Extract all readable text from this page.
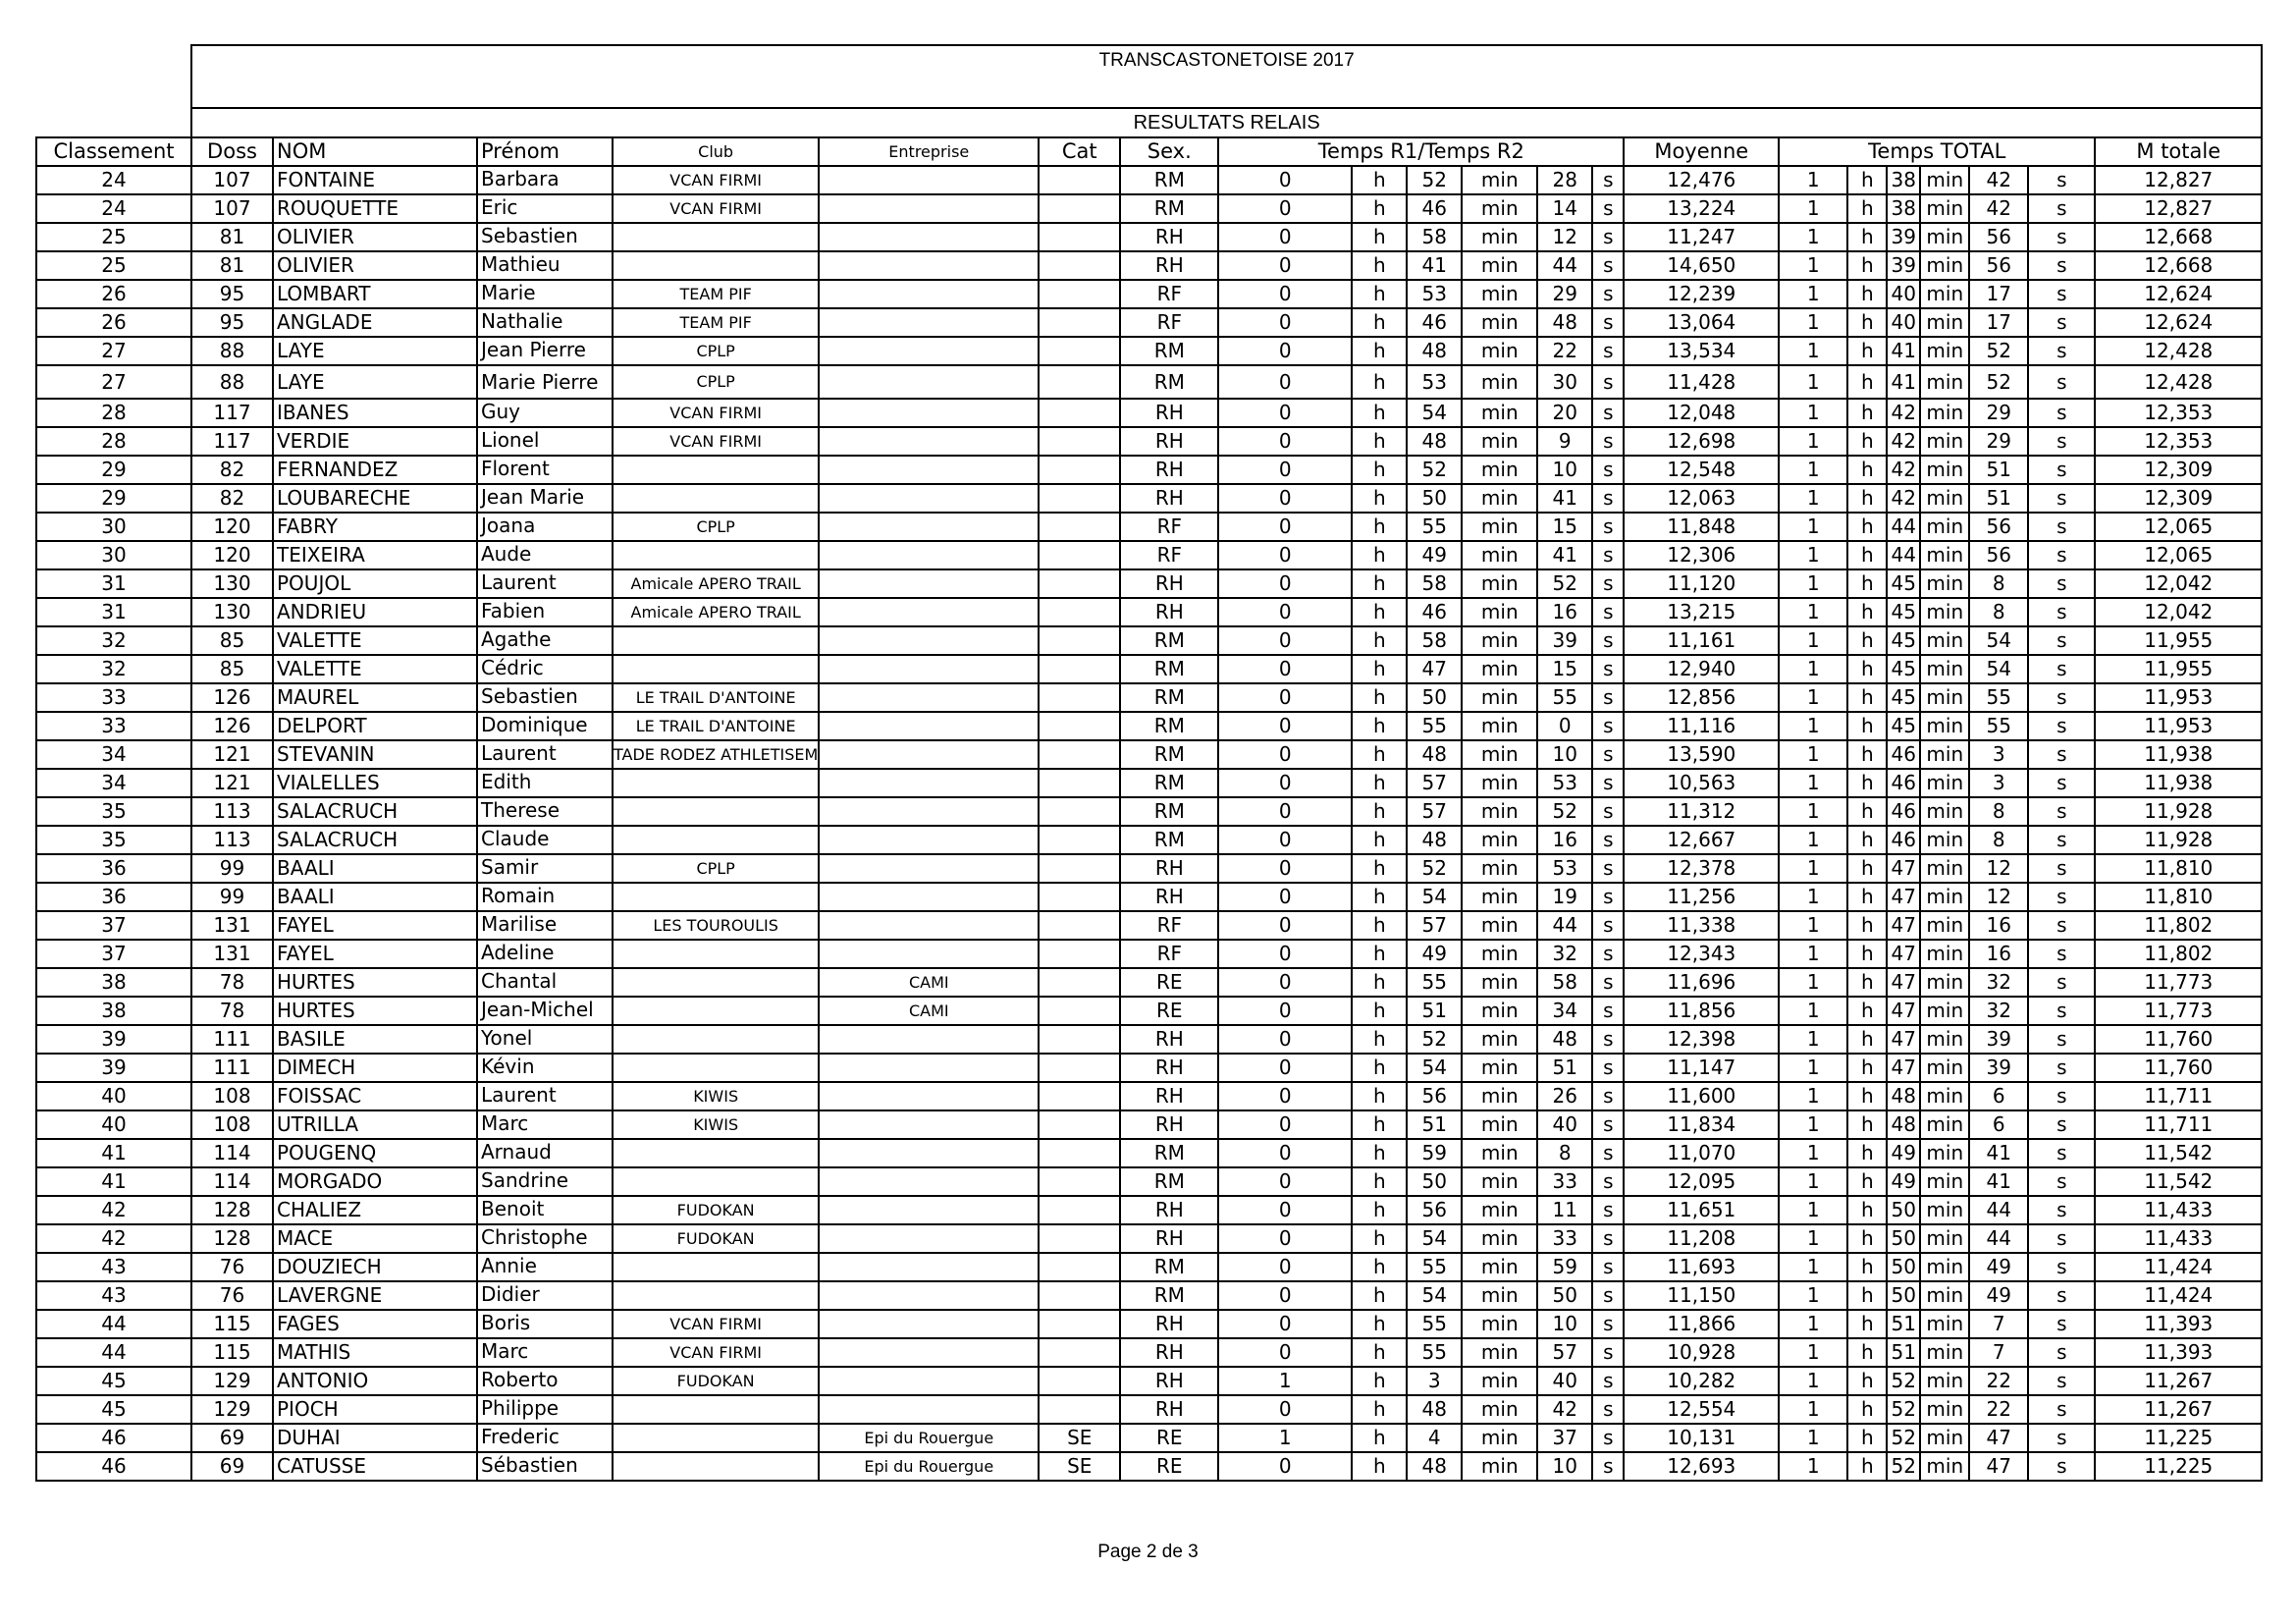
	TRANSCASTONETOISE 2017																				
	RESULTATS RELAIS																				
Classement	Doss	NOM	Prénom	Club	Entreprise	Cat	Sex.	Temps R1/Temps R2						Moyenne	Temps TOTAL						M totale
24	107	FONTAINE	Barbara	VCAN FIRMI			RM	0	h	52	min	28	s	12,476	1	h	38	min	42	s	12,827
24	107	ROUQUETTE	Eric	VCAN FIRMI			RM	0	h	46	min	14	s	13,224	1	h	38	min	42	s	12,827
25	81	OLIVIER	Sebastien				RH	0	h	58	min	12	s	11,247	1	h	39	min	56	s	12,668
25	81	OLIVIER	Mathieu				RH	0	h	41	min	44	s	14,650	1	h	39	min	56	s	12,668
26	95	LOMBART	Marie	TEAM PIF			RF	0	h	53	min	29	s	12,239	1	h	40	min	17	s	12,624
26	95	ANGLADE	Nathalie	TEAM PIF			RF	0	h	46	min	48	s	13,064	1	h	40	min	17	s	12,624
27	88	LAYE	Jean Pierre	CPLP			RM	0	h	48	min	22	s	13,534	1	h	41	min	52	s	12,428
27	88	LAYE	Marie Pierre	CPLP			RM	0	h	53	min	30	s	11,428	1	h	41	min	52	s	12,428
28	117	IBANES	Guy	VCAN FIRMI			RH	0	h	54	min	20	s	12,048	1	h	42	min	29	s	12,353
28	117	VERDIE	Lionel	VCAN FIRMI			RH	0	h	48	min	9	s	12,698	1	h	42	min	29	s	12,353
29	82	FERNANDEZ	Florent				RH	0	h	52	min	10	s	12,548	1	h	42	min	51	s	12,309
29	82	LOUBARECHE	Jean Marie				RH	0	h	50	min	41	s	12,063	1	h	42	min	51	s	12,309
30	120	FABRY	Joana	CPLP			RF	0	h	55	min	15	s	11,848	1	h	44	min	56	s	12,065
30	120	TEIXEIRA	Aude				RF	0	h	49	min	41	s	12,306	1	h	44	min	56	s	12,065
31	130	POUJOL	Laurent	Amicale APERO TRAIL			RH	0	h	58	min	52	s	11,120	1	h	45	min	8	s	12,042
31	130	ANDRIEU	Fabien	Amicale APERO TRAIL			RH	0	h	46	min	16	s	13,215	1	h	45	min	8	s	12,042
32	85	VALETTE	Agathe				RM	0	h	58	min	39	s	11,161	1	h	45	min	54	s	11,955
32	85	VALETTE	Cédric				RM	0	h	47	min	15	s	12,940	1	h	45	min	54	s	11,955
33	126	MAUREL	Sebastien	LE TRAIL D'ANTOINE			RM	0	h	50	min	55	s	12,856	1	h	45	min	55	s	11,953
33	126	DELPORT	Dominique	LE TRAIL D'ANTOINE			RM	0	h	55	min	0	s	11,116	1	h	45	min	55	s	11,953
34	121	STEVANIN	Laurent	TADE RODEZ ATHLETISEM			RM	0	h	48	min	10	s	13,590	1	h	46	min	3	s	11,938
34	121	VIALELLES	Edith				RM	0	h	57	min	53	s	10,563	1	h	46	min	3	s	11,938
35	113	SALACRUCH	Therese				RM	0	h	57	min	52	s	11,312	1	h	46	min	8	s	11,928
35	113	SALACRUCH	Claude				RM	0	h	48	min	16	s	12,667	1	h	46	min	8	s	11,928
36	99	BAALI	Samir	CPLP			RH	0	h	52	min	53	s	12,378	1	h	47	min	12	s	11,810
36	99	BAALI	Romain				RH	0	h	54	min	19	s	11,256	1	h	47	min	12	s	11,810
37	131	FAYEL	Marilise	LES TOUROULIS			RF	0	h	57	min	44	s	11,338	1	h	47	min	16	s	11,802
37	131	FAYEL	Adeline				RF	0	h	49	min	32	s	12,343	1	h	47	min	16	s	11,802
38	78	HURTES	Chantal		CAMI		RE	0	h	55	min	58	s	11,696	1	h	47	min	32	s	11,773
38	78	HURTES	Jean-Michel		CAMI		RE	0	h	51	min	34	s	11,856	1	h	47	min	32	s	11,773
39	111	BASILE	Yonel				RH	0	h	52	min	48	s	12,398	1	h	47	min	39	s	11,760
39	111	DIMECH	Kévin				RH	0	h	54	min	51	s	11,147	1	h	47	min	39	s	11,760
40	108	FOISSAC	Laurent	KIWIS			RH	0	h	56	min	26	s	11,600	1	h	48	min	6	s	11,711
40	108	UTRILLA	Marc	KIWIS			RH	0	h	51	min	40	s	11,834	1	h	48	min	6	s	11,711
41	114	POUGENQ	Arnaud				RM	0	h	59	min	8	s	11,070	1	h	49	min	41	s	11,542
41	114	MORGADO	Sandrine				RM	0	h	50	min	33	s	12,095	1	h	49	min	41	s	11,542
42	128	CHALIEZ	Benoit	FUDOKAN			RH	0	h	56	min	11	s	11,651	1	h	50	min	44	s	11,433
42	128	MACE	Christophe	FUDOKAN			RH	0	h	54	min	33	s	11,208	1	h	50	min	44	s	11,433
43	76	DOUZIECH	Annie				RM	0	h	55	min	59	s	11,693	1	h	50	min	49	s	11,424
43	76	LAVERGNE	Didier				RM	0	h	54	min	50	s	11,150	1	h	50	min	49	s	11,424
44	115	FAGES	Boris	VCAN FIRMI			RH	0	h	55	min	10	s	11,866	1	h	51	min	7	s	11,393
44	115	MATHIS	Marc	VCAN FIRMI			RH	0	h	55	min	57	s	10,928	1	h	51	min	7	s	11,393
45	129	ANTONIO	Roberto	FUDOKAN			RH	1	h	3	min	40	s	10,282	1	h	52	min	22	s	11,267
45	129	PIOCH	Philippe				RH	0	h	48	min	42	s	12,554	1	h	52	min	22	s	11,267
46	69	DUHAI	Frederic		Epi du Rouergue	SE	RE	1	h	4	min	37	s	10,131	1	h	52	min	47	s	11,225
46	69	CATUSSE	Sébastien		Epi du Rouergue	SE	RE	0	h	48	min	10	s	12,693	1	h	52	min	47	s	11,225
Page 2 de 3
